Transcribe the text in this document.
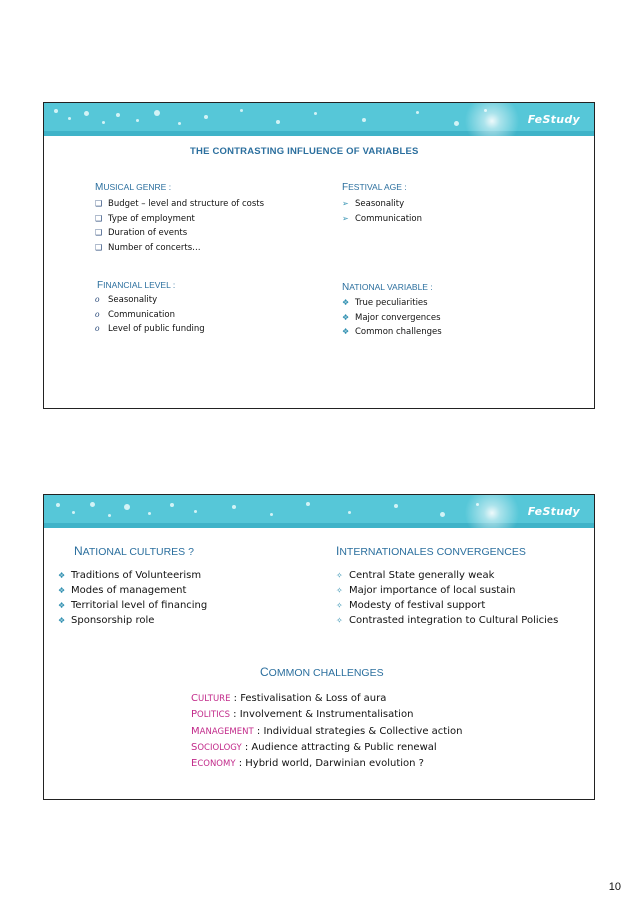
FeStudy
THE CONTRASTING INFLUENCE OF VARIABLES
MUSICAL GENRE :
❑ Budget – level and structure of costs
❑ Type of employment
❑ Duration of events
❑ Number of concerts…
FESTIVAL AGE :
➢ Seasonality
➢ Communication
FINANCIAL LEVEL :
o Seasonality
o Communication
o Level of public funding
NATIONAL VARIABLE :
❖ True peculiarities
❖ Major convergences
❖ Common challenges
FeStudy
NATIONAL CULTURES ?
❖ Traditions of Volunteerism
❖ Modes of management
❖ Territorial level of financing
❖ Sponsorship role
INTERNATIONALES CONVERGENCES
✧ Central State generally weak
✧ Major importance of local sustain
✧ Modesty of festival support
✧ Contrasted integration to Cultural Policies
COMMON CHALLENGES
CULTURE : Festivalisation & Loss of aura
POLITICS : Involvement & Instrumentalisation
MANAGEMENT : Individual strategies & Collective action
SOCIOLOGY : Audience attracting & Public renewal
ECONOMY : Hybrid world, Darwinian evolution ?
10
